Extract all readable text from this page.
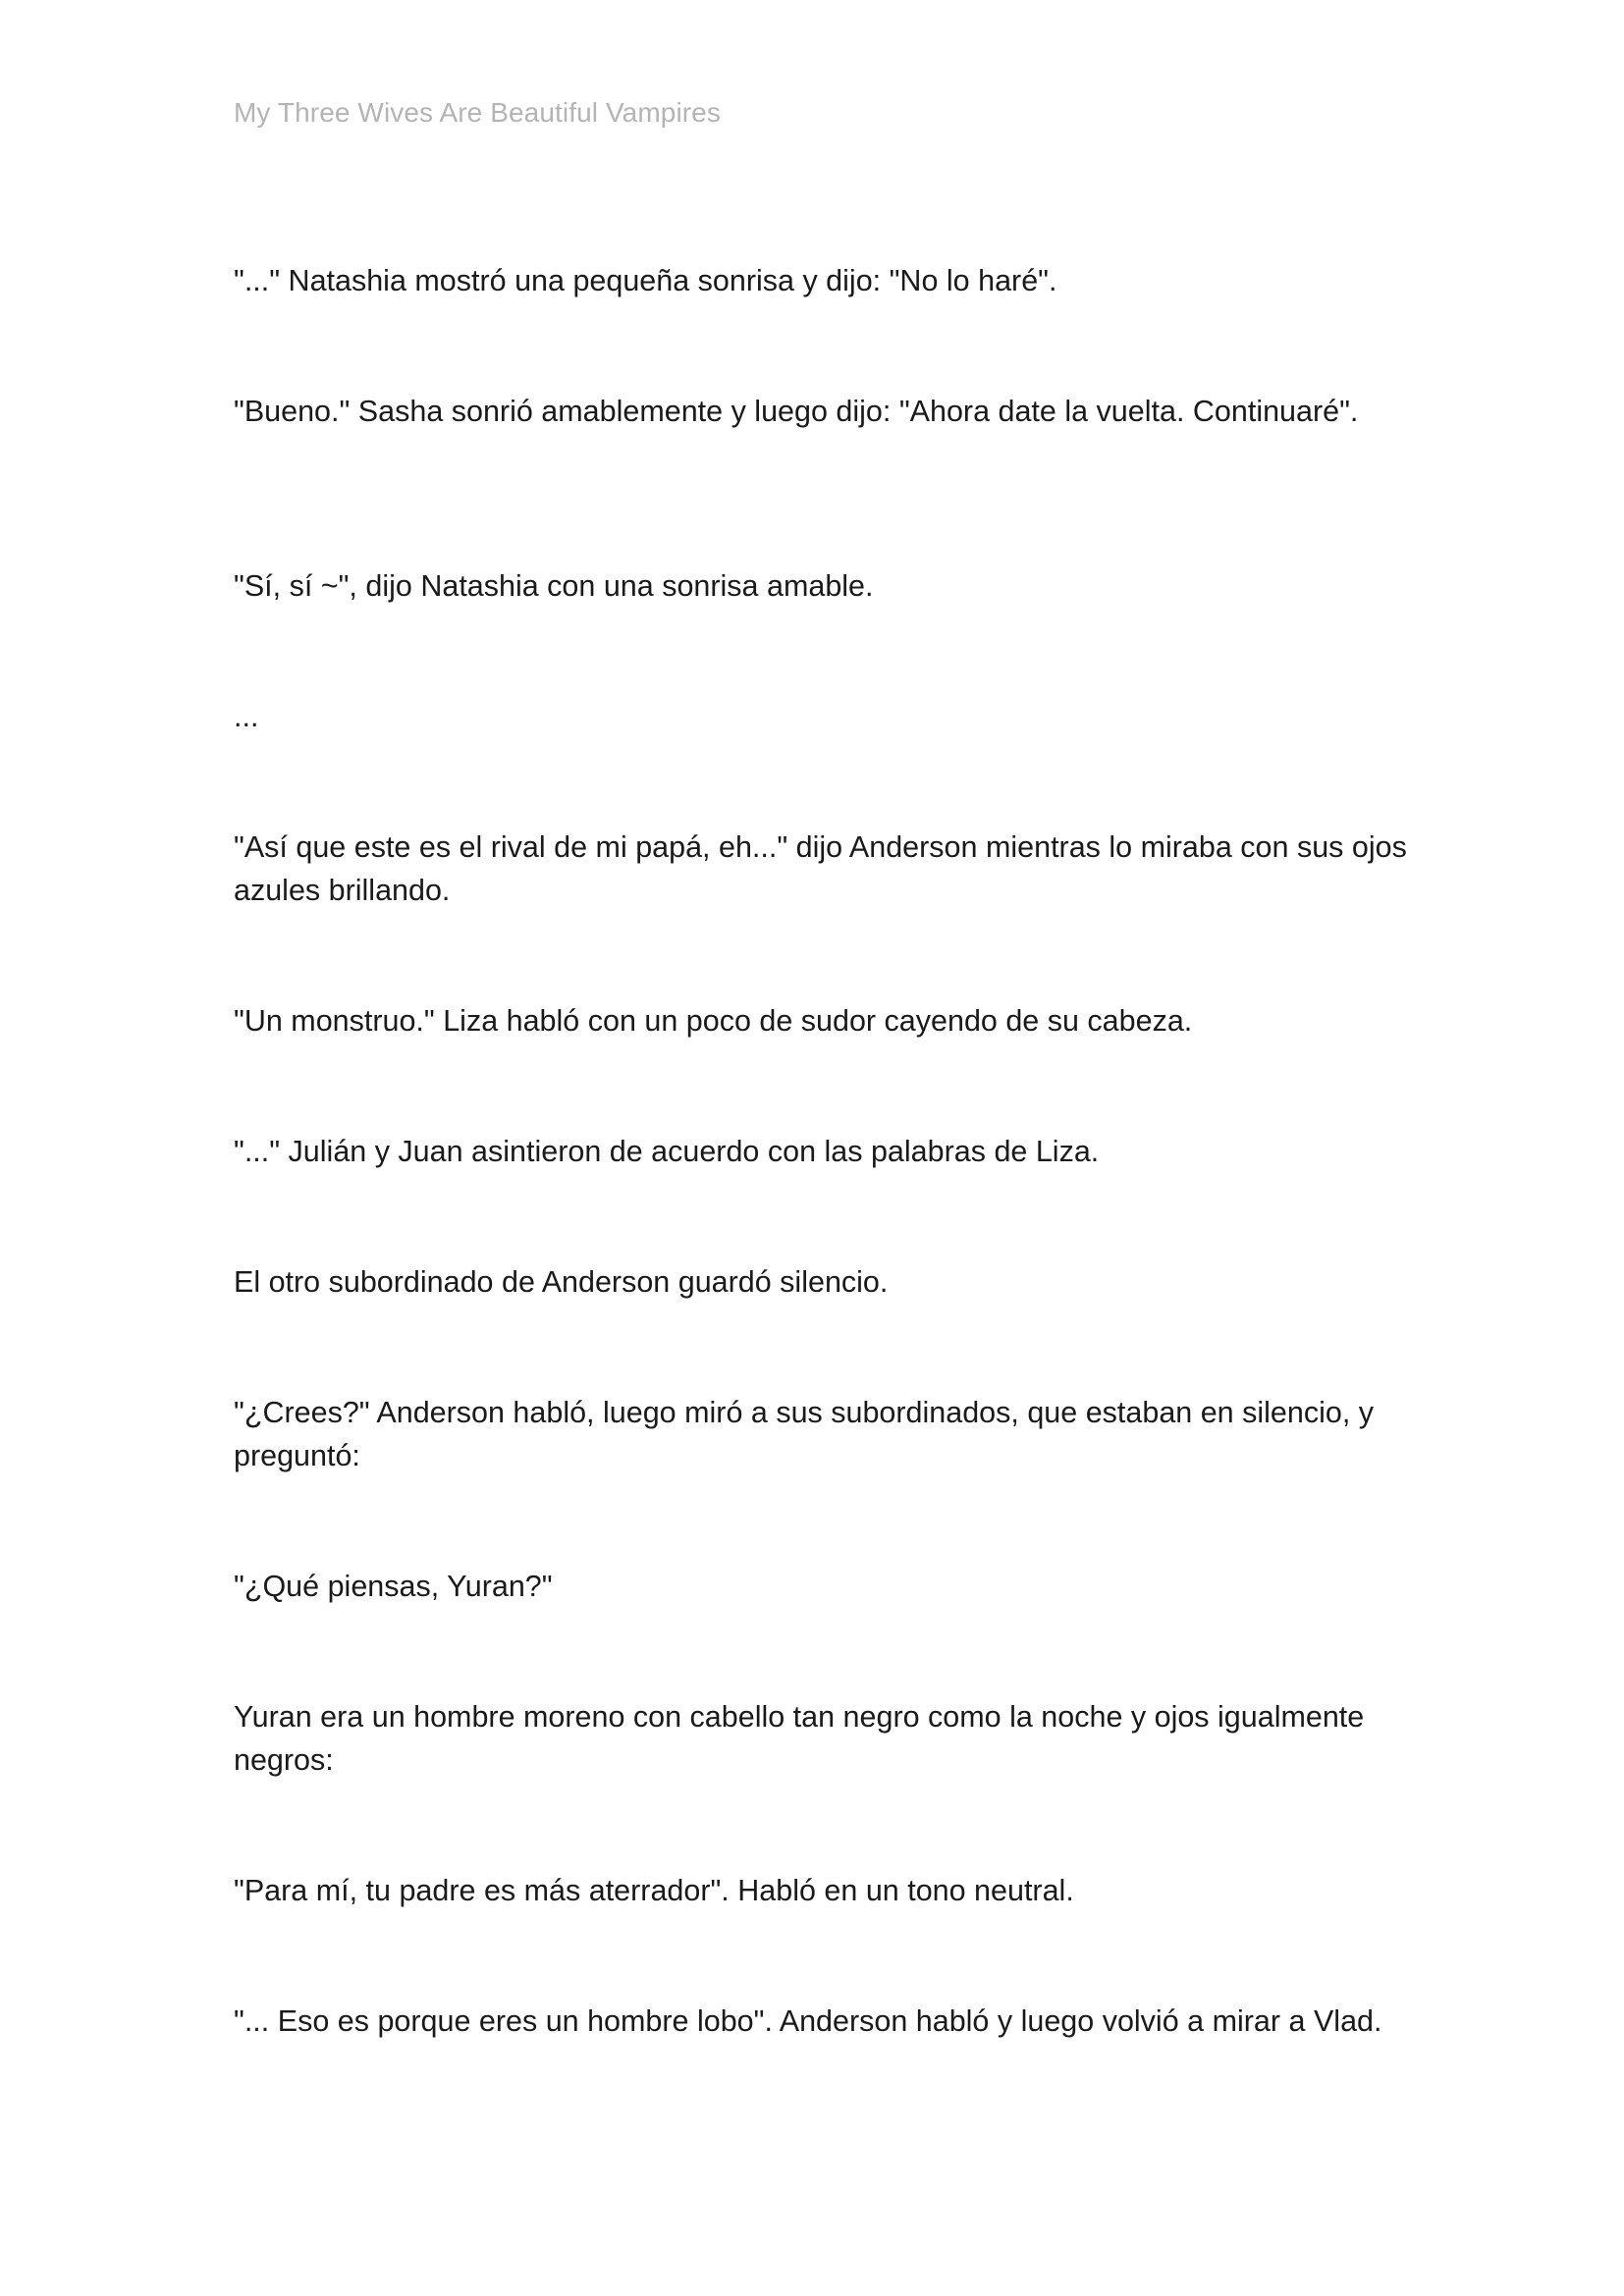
My Three Wives Are Beautiful Vampires

"..." Natashia mostró una pequeña sonrisa y dijo: "No lo haré".

"Bueno." Sasha sonrió amablemente y luego dijo: "Ahora date la vuelta. Continuaré".

"Sí, sí ~", dijo Natashia con una sonrisa amable.

...

"Así que este es el rival de mi papá, eh..." dijo Anderson mientras lo miraba con sus ojos azules brillando.

"Un monstruo." Liza habló con un poco de sudor cayendo de su cabeza.

"..." Julián y Juan asintieron de acuerdo con las palabras de Liza.

El otro subordinado de Anderson guardó silencio.

"¿Crees?" Anderson habló, luego miró a sus subordinados, que estaban en silencio, y preguntó:

"¿Qué piensas, Yuran?"

Yuran era un hombre moreno con cabello tan negro como la noche y ojos igualmente negros:

"Para mí, tu padre es más aterrador". Habló en un tono neutral.

"... Eso es porque eres un hombre lobo". Anderson habló y luego volvió a mirar a Vlad.
